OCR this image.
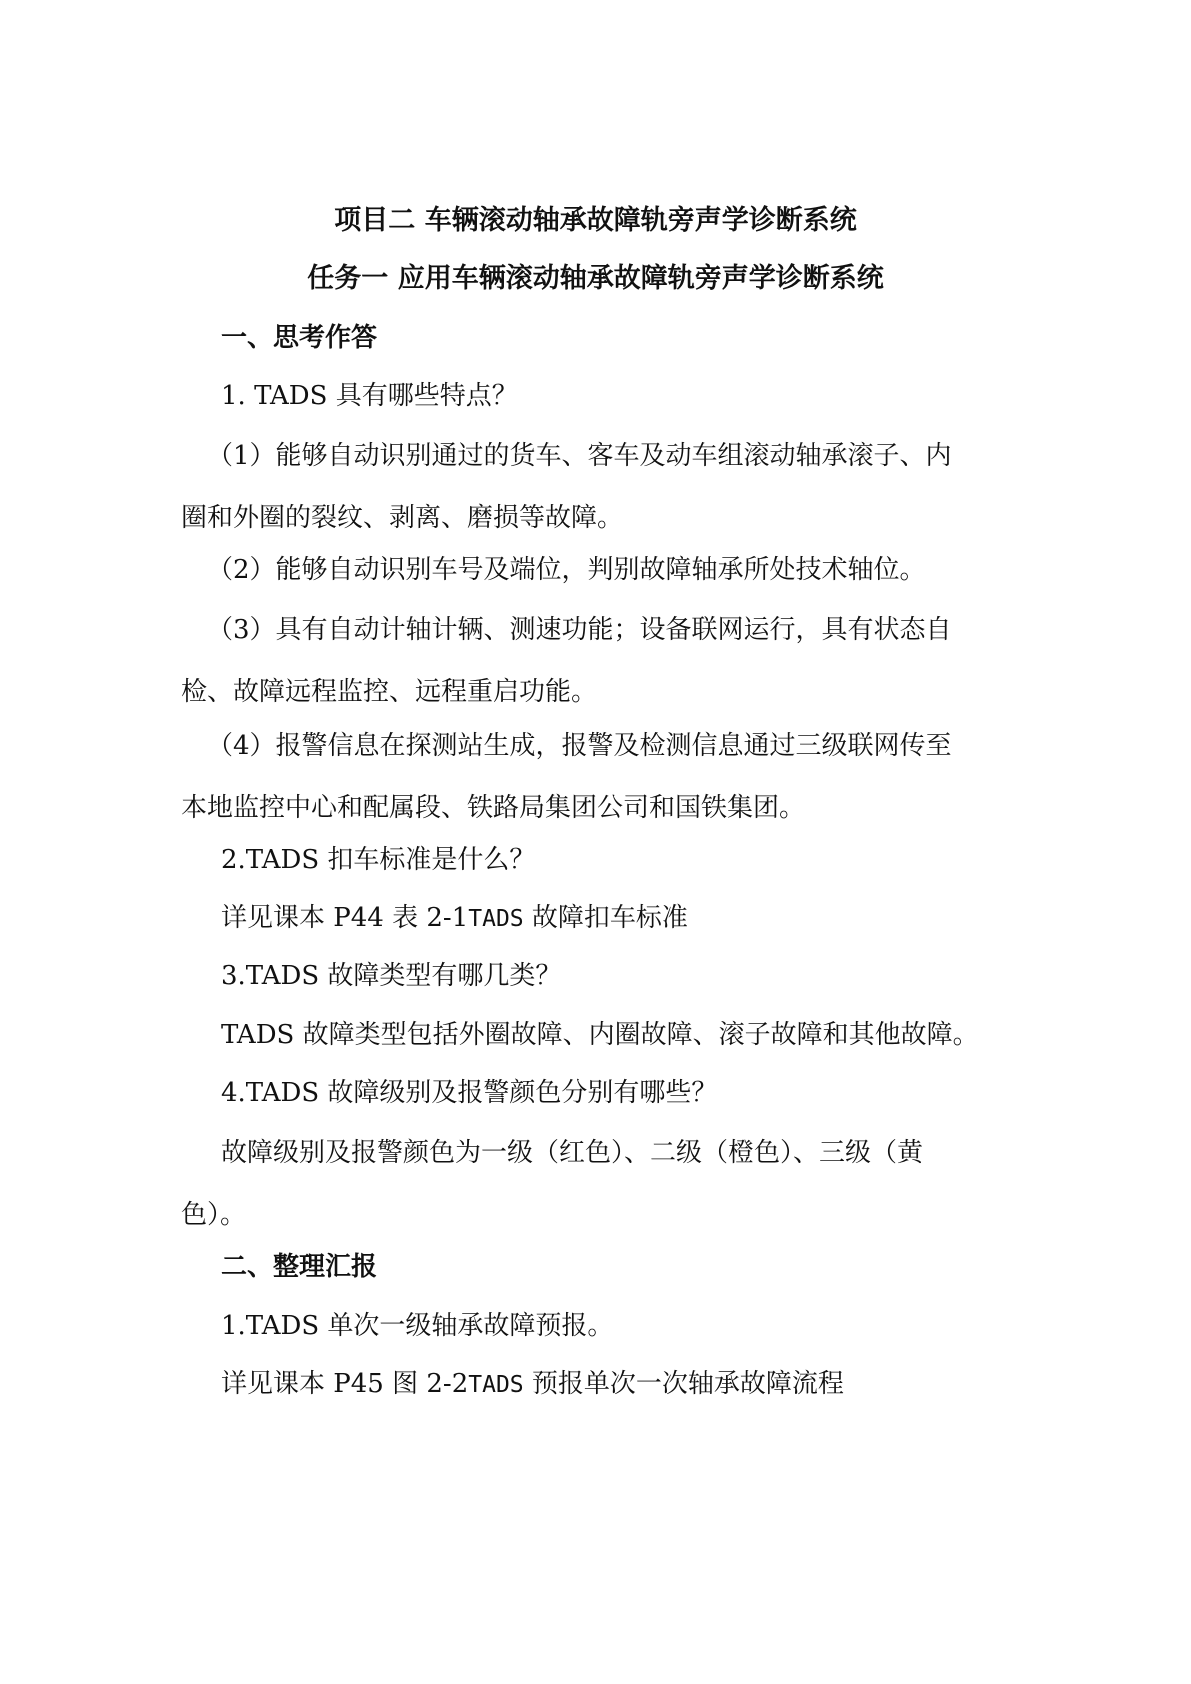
项目二 车辆滚动轴承故障轨旁声学诊断系统
任务一 应用车辆滚动轴承故障轨旁声学诊断系统

一、思考作答

1. TADS 具有哪些特点？

（1）能够自动识别通过的货车、客车及动车组滚动轴承滚子、内
圈和外圈的裂纹、剥离、磨损等故障。

（2）能够自动识别车号及端位，判别故障轴承所处技术轴位。

（3）具有自动计轴计辆、测速功能；设备联网运行，具有状态自
检、故障远程监控、远程重启功能。
（4）报警信息在探测站生成，报警及检测信息通过三级联网传至
本地监控中心和配属段、铁路局集团公司和国铁集团。

2.TADS 扣车标准是什么？

详见课本 P44 表 2-1TADS 故障扣车标准

3.TADS 故障类型有哪几类？

TADS 故障类型包括外圈故障、内圈故障、滚子故障和其他故障。

4.TADS 故障级别及报警颜色分别有哪些？

故障级别及报警颜色为一级（红色）、二级（橙色）、三级（黄
色）。

二、整理汇报

1.TADS 单次一级轴承故障预报。

详见课本 P45 图 2-2TADS 预报单次一次轴承故障流程
